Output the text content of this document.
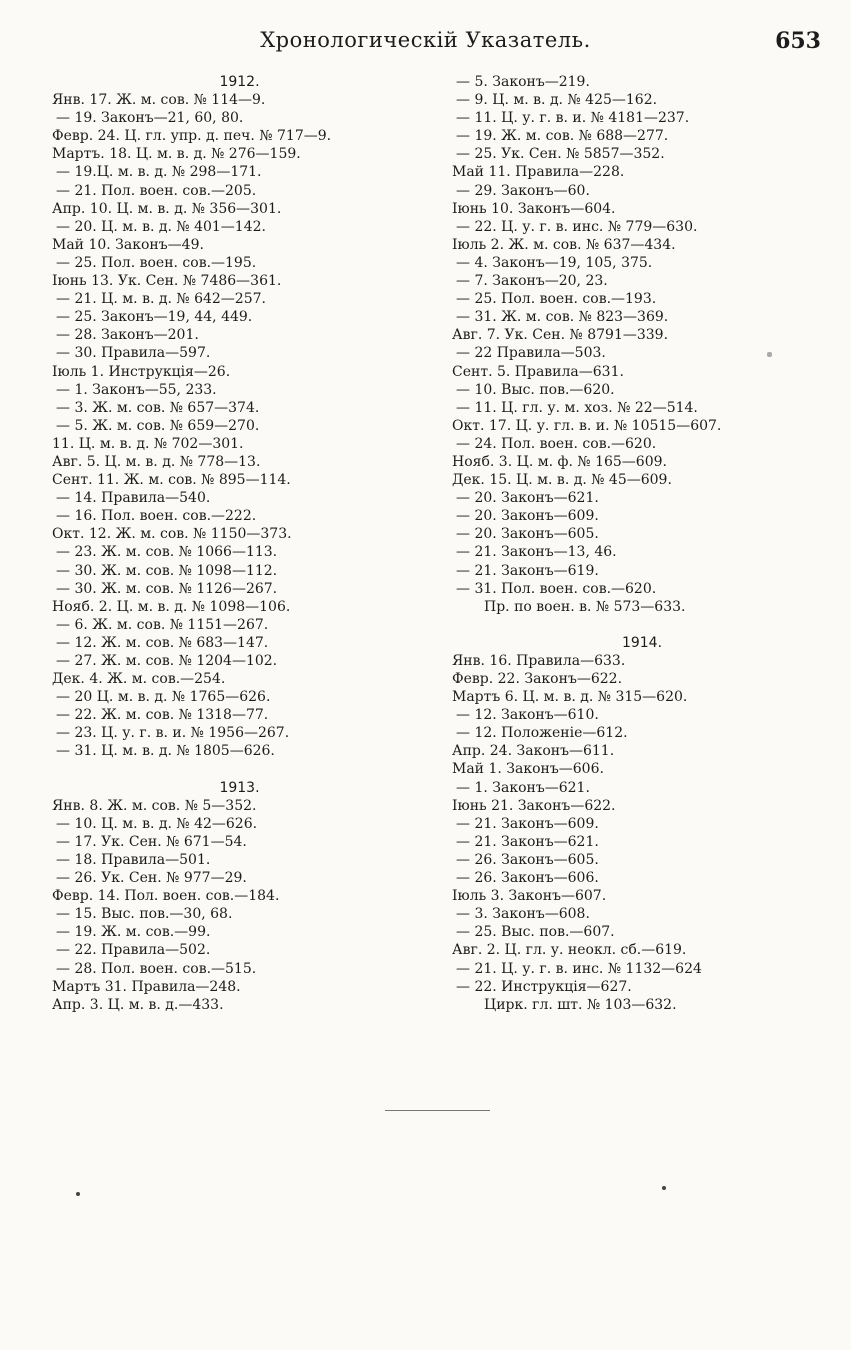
Хронологическій Указатель.	653
1912.
Янв. 17. Ж. м. сов. № 114—9.
— 19. Законъ—21, 60, 80.
Февр. 24. Ц. гл. упр. д. печ. № 717—9.
Мартъ. 18. Ц. м. в. д. № 276—159.
— 19.Ц. м. в. д. № 298—171.
— 21. Пол. воен. сов.—205.
Апр. 10. Ц. м. в. д. № 356—301.
— 20. Ц. м. в. д. № 401—142.
Май 10. Законъ—49.
— 25. Пол. воен. сов.—195.
Іюнь 13. Ук. Сен. № 7486—361.
— 21. Ц. м. в. д. № 642—257.
— 25. Законъ—19, 44, 449.
— 28. Законъ—201.
— 30. Правила—597.
Іюль 1. Инструкція—26.
— 1. Законъ—55, 233.
— 3. Ж. м. сов. № 657—374.
— 5. Ж. м. сов. № 659—270.
11. Ц. м. в. д. № 702—301.
Авг. 5. Ц. м. в. д. № 778—13.
Сент. 11. Ж. м. сов. № 895—114.
— 14. Правила—540.
— 16. Пол. воен. сов.—222.
Окт. 12. Ж. м. сов. № 1150—373.
— 23. Ж. м. сов. № 1066—113.
— 30. Ж. м. сов. № 1098—112.
— 30. Ж. м. сов. № 1126—267.
Нояб. 2. Ц. м. в. д. № 1098—106.
— 6. Ж. м. сов. № 1151—267.
— 12. Ж. м. сов. № 683—147.
— 27. Ж. м. сов. № 1204—102.
Дек. 4. Ж. м. сов.—254.
— 20 Ц. м. в. д. № 1765—626.
— 22. Ж. м. сов. № 1318—77.
— 23. Ц. у. г. в. и. № 1956—267.
— 31. Ц. м. в. д. № 1805—626.
1913.
Янв. 8. Ж. м. сов. № 5—352.
— 10. Ц. м. в. д. № 42—626.
— 17. Ук. Сен. № 671—54.
— 18. Правила—501.
— 26. Ук. Сен. № 977—29.
Февр. 14. Пол. воен. сов.—184.
— 15. Выс. пов.—30, 68.
— 19. Ж. м. сов.—99.
— 22. Правила—502.
— 28. Пол. воен. сов.—515.
Мартъ 31. Правила—248.
Апр. 3. Ц. м. в. д.—433.
— 5. Законъ—219.
— 9. Ц. м. в. д. № 425—162.
— 11. Ц. у. г. в. и. № 4181—237.
— 19. Ж. м. сов. № 688—277.
— 25. Ук. Сен. № 5857—352.
Май 11. Правила—228.
— 29. Законъ—60.
Іюнь 10. Законъ—604.
— 22. Ц. у. г. в. инс. № 779—630.
Іюль 2. Ж. м. сов. № 637—434.
— 4. Законъ—19, 105, 375.
— 7. Законъ—20, 23.
— 25. Пол. воен. сов.—193.
— 31. Ж. м. сов. № 823—369.
Авг. 7. Ук. Сен. № 8791—339.
— 22 Правила—503.
Сент. 5. Правила—631.
— 10. Выс. пов.—620.
— 11. Ц. гл. у. м. хоз. № 22—514.
Окт. 17. Ц. у. гл. в. и. № 10515—607.
— 24. Пол. воен. сов.—620.
Нояб. 3. Ц. м. ф. № 165—609.
Дек. 15. Ц. м. в. д. № 45—609.
— 20. Законъ—621.
— 20. Законъ—609.
— 20. Законъ—605.
— 21. Законъ—13, 46.
— 21. Законъ—619.
— 31. Пол. воен. сов.—620.
Пр. по воен. в. № 573—633.
1914.
Янв. 16. Правила—633.
Февр. 22. Законъ—622.
Мартъ 6. Ц. м. в. д. № 315—620.
— 12. Законъ—610.
— 12. Положеніе—612.
Апр. 24. Законъ—611.
Май 1. Законъ—606.
— 1. Законъ—621.
Іюнь 21. Законъ—622.
— 21. Законъ—609.
— 21. Законъ—621.
— 26. Законъ—605.
— 26. Законъ—606.
Іюль 3. Законъ—607.
— 3. Законъ—608.
— 25. Выс. пов.—607.
Авг. 2. Ц. гл. у. неокл. сб.—619.
— 21. Ц. у. г. в. инс. № 1132—624
— 22. Инструкція—627.
Цирк. гл. шт. № 103—632.
